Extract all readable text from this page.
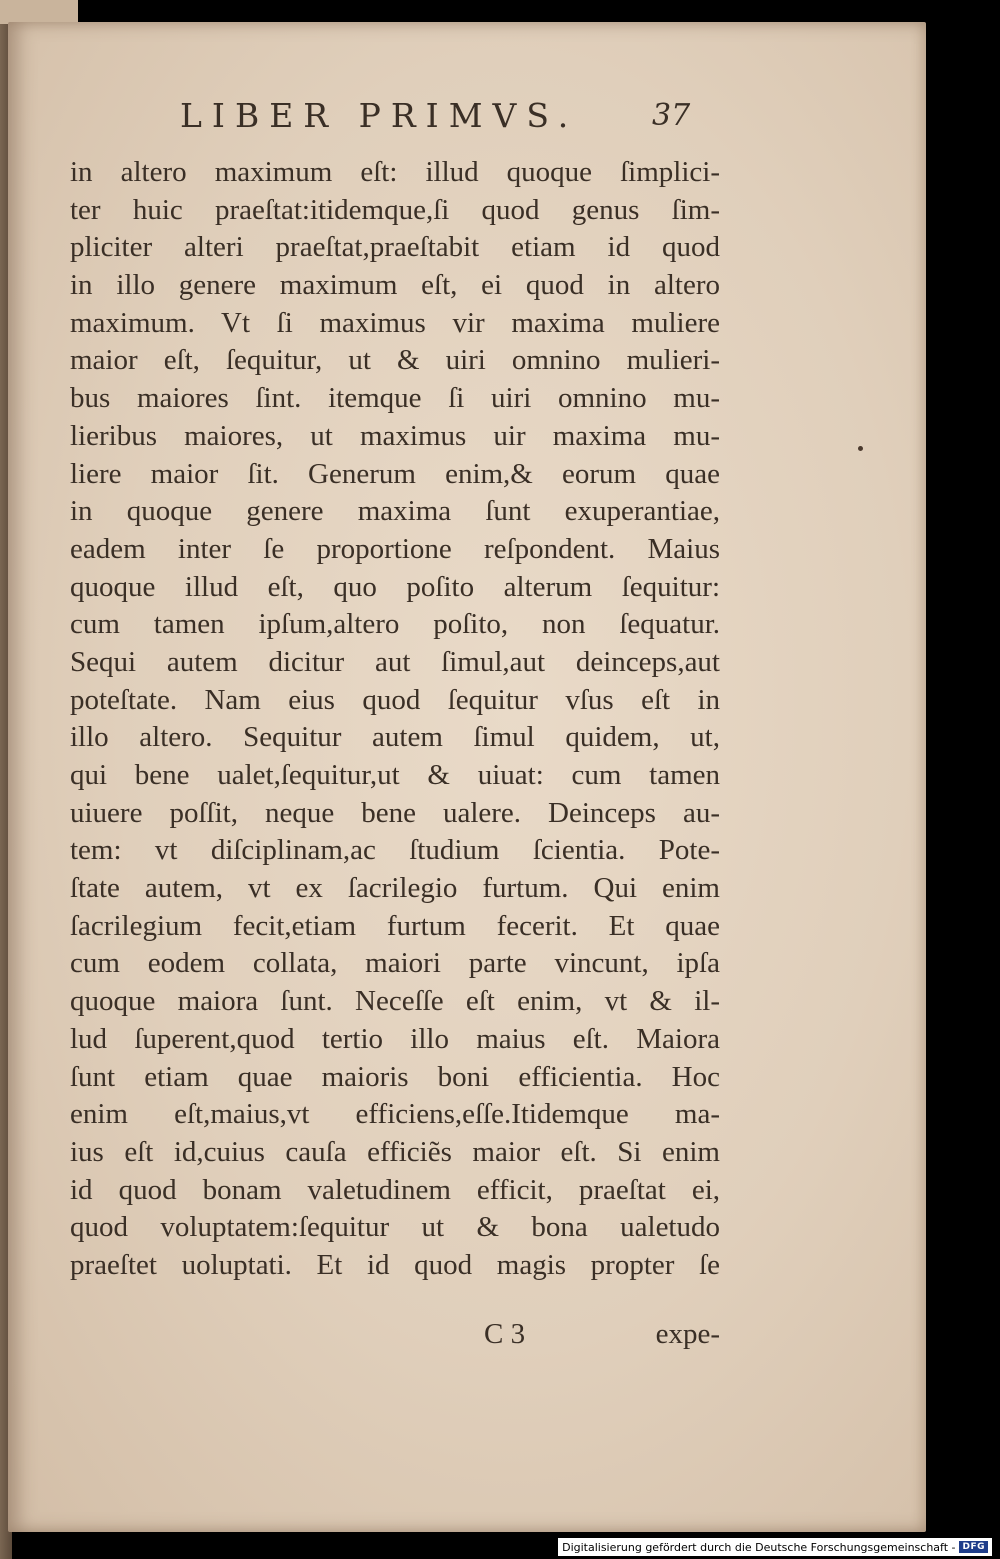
LIBER PRIMVS. 37
in altero maximum eſt: illud quoque ſimplici-
ter huic praeſtat:itidemque,ſi quod genus ſim-
pliciter alteri praeſtat,praeſtabit etiam id quod
in illo genere maximum eſt, ei quod in altero
maximum. Vt ſi maximus vir maxima muliere
maior eſt, ſequitur, ut & uiri omnino mulieri-
bus maiores ſint. itemque ſi uiri omnino mu-
lieribus maiores, ut maximus uir maxima mu-
liere maior ſit. Generum enim,& eorum quae
in quoque genere maxima ſunt exuperantiae,
eadem inter ſe proportione reſpondent. Maius
quoque illud eſt, quo poſito alterum ſequitur:
cum tamen ipſum,altero poſito, non ſequatur.
Sequi autem dicitur aut ſimul,aut deinceps,aut
poteſtate. Nam eius quod ſequitur vſus eſt in
illo altero. Sequitur autem ſimul quidem, ut,
qui bene ualet,ſequitur,ut & uiuat: cum tamen
uiuere poſſit, neque bene ualere. Deinceps au-
tem: vt diſciplinam,ac ſtudium ſcientia. Pote-
ſtate autem, vt ex ſacrilegio furtum. Qui enim
ſacrilegium fecit,etiam furtum fecerit. Et quae
cum eodem collata, maiori parte vincunt, ipſa
quoque maiora ſunt. Neceſſe eſt enim, vt & il-
lud ſuperent,quod tertio illo maius eſt. Maiora
ſunt etiam quae maioris boni efficientia. Hoc
enim eſt,maius,vt efficiens,eſſe.Itidemque ma-
ius eſt id,cuius cauſa efficiẽs maior eſt. Si enim
id quod bonam valetudinem efficit, praeſtat ei,
quod voluptatem:ſequitur ut & bona ualetudo
praeſtet uoluptati. Et id quod magis propter ſe
C 3	expe-
Digitalisierung gefördert durch die Deutsche Forschungsgemeinschaft - DFG
